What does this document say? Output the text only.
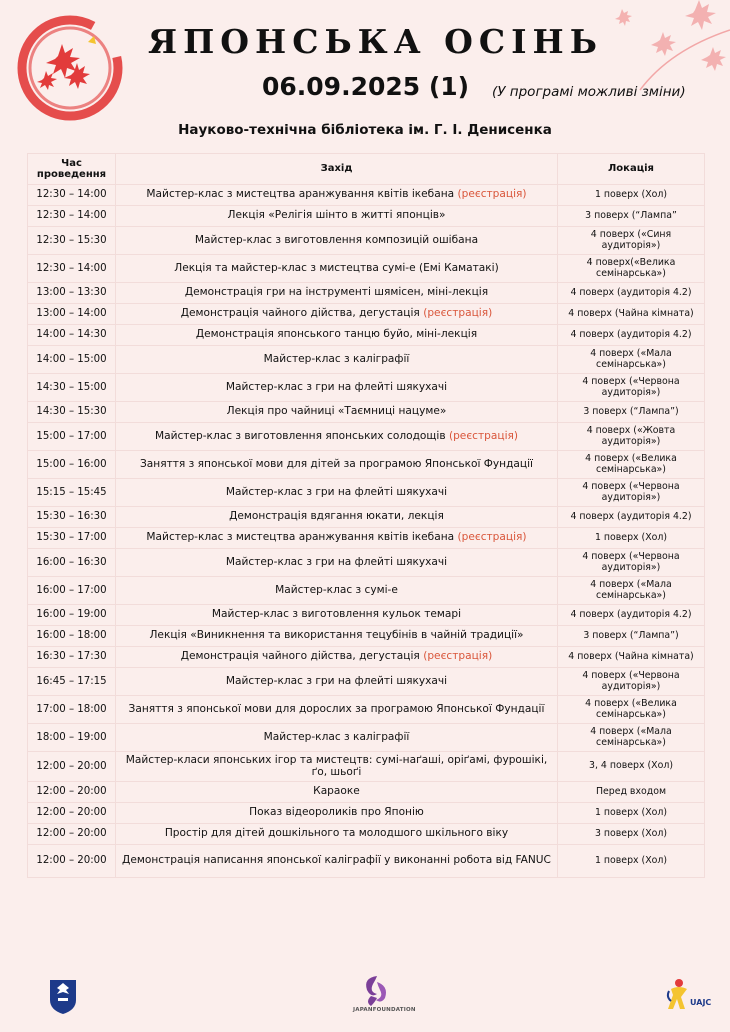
ЯПОНСЬКА ОСІНЬ
06.09.2025 (1) (У програмі можливі зміни)
Науково-технічна бібліотека ім. Г. І. Денисенка
Час проведення	Захід	Локація
12:30 – 14:00	Майстер-клас з мистецтва аранжування квітів ікебана (реєстрація)	1 поверх (Хол)
12:30 – 14:00	Лекція «Релігія шінто в житті японців»	3 поверх (“Лампа”
12:30 – 15:30	Майстер-клас з виготовлення композицій ошібана	4 поверх («Синя аудиторія»)
12:30 – 14:00	Лекція та майстер-клас з мистецтва сумі-е (Емі Каматакі)	4 поверх(«Велика семінарська»)
13:00 – 13:30	Демонстрація гри на інструменті шямісен, міні-лекція	4 поверх (аудиторія 4.2)
13:00 – 14:00	Демонстрація чайного дійства, дегустація (реєстрація)	4 поверх (Чайна кімната)
14:00 – 14:30	Демонстрація японського танцю буйо, міні-лекція	4 поверх (аудиторія 4.2)
14:00 – 15:00	Майстер-клас з каліграфії	4 поверх («Мала семінарська»)
14:30 – 15:00	Майстер-клас з гри на флейті шякухачі	4 поверх («Червона аудиторія»)
14:30 – 15:30	Лекція про чайниці «Таємниці нацуме»	3 поверх (“Лампа”)
15:00 – 17:00	Майстер-клас з виготовлення японських солодощів (реєстрація)	4 поверх («Жовта аудиторія»)
15:00 – 16:00	Заняття з японської мови для дітей за програмою Японської Фундації	4 поверх («Велика семінарська»)
15:15 – 15:45	Майстер-клас з гри на флейті шякухачі	4 поверх («Червона аудиторія»)
15:30 – 16:30	Демонстрація вдягання юкати, лекція	4 поверх (аудиторія 4.2)
15:30 – 17:00	Майстер-клас з мистецтва аранжування квітів ікебана (реєстрація)	1 поверх (Хол)
16:00 – 16:30	Майстер-клас з гри на флейті шякухачі	4 поверх («Червона аудиторія»)
16:00 – 17:00	Майстер-клас з сумі-е	4 поверх («Мала семінарська»)
16:00 – 19:00	Майстер-клас з виготовлення кульок темарі	4 поверх (аудиторія 4.2)
16:00 – 18:00	Лекція «Виникнення та використання тецубінів в чайній традиції»	3 поверх (“Лампа”)
16:30 – 17:30	Демонстрація чайного дійства, дегустація (реєстрація)	4 поверх (Чайна кімната)
16:45 – 17:15	Майстер-клас з гри на флейті шякухачі	4 поверх («Червона аудиторія»)
17:00 – 18:00	Заняття з японської мови для дорослих за програмою Японської Фундації	4 поверх («Велика семінарська»)
18:00 – 19:00	Майстер-клас з каліграфії	4 поверх («Мала семінарська»)
12:00 – 20:00	Майстер-класи японських ігор та мистецтв: сумі-наґаші, оріґамі, фурошікі, ґо, шьоґі	3, 4 поверх (Хол)
12:00 – 20:00	Караоке	Перед входом
12:00 – 20:00	Показ відеороликів про Японію	1 поверх (Хол)
12:00 – 20:00	Простір для дітей дошкільного та молодшого шкільного віку	3 поверх (Хол)
12:00 – 20:00	Демонстрація написання японської каліграфії у виконанні робота від FANUC	1 поверх (Хол)
JAPANFOUNDATION
UAJC
